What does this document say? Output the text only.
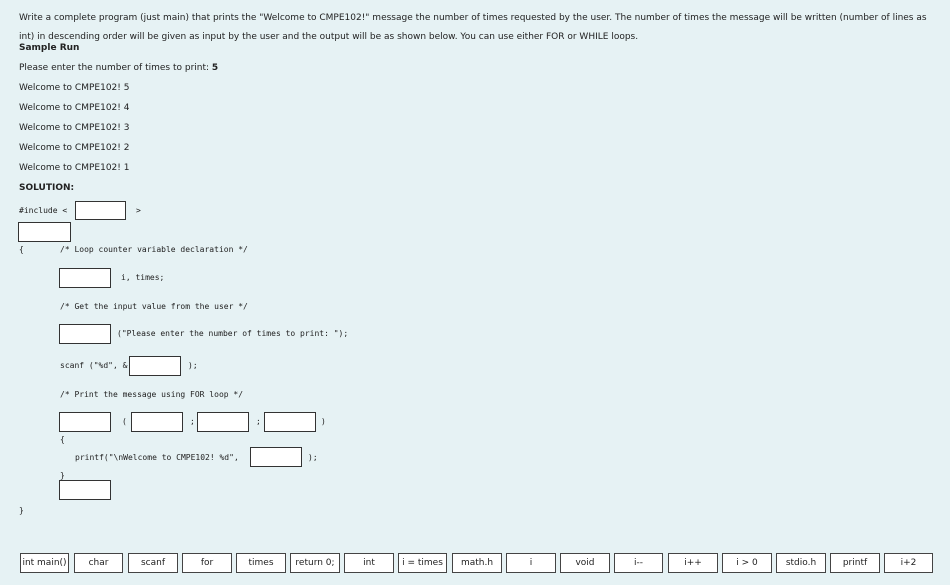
Write a complete program (just main) that prints the "Welcome to CMPE102!" message the number of times requested by the user. The number of times the message will be written (number of lines as int) in descending order will be given as input by the user and the output will be as shown below. You can use either FOR or WHILE loops.
Sample Run
Please enter the number of times to print: 5
Welcome to CMPE102! 5
Welcome to CMPE102! 4
Welcome to CMPE102! 3
Welcome to CMPE102! 2
Welcome to CMPE102! 1
SOLUTION:
#include <	>
{	/* Loop counter variable declaration */
i, times;
/* Get the input value from the user */
("Please enter the number of times to print: ");
scanf ("%d", &	);
/* Print the message using FOR loop */
(	;	;	)
{
printf("\nWelcome to CMPE102! %d",	);
}
}
int main()	char	scanf	for	times	return 0;	int	i = times	math.h	i	void	i--	i++	i > 0	stdio.h	printf	i+2
